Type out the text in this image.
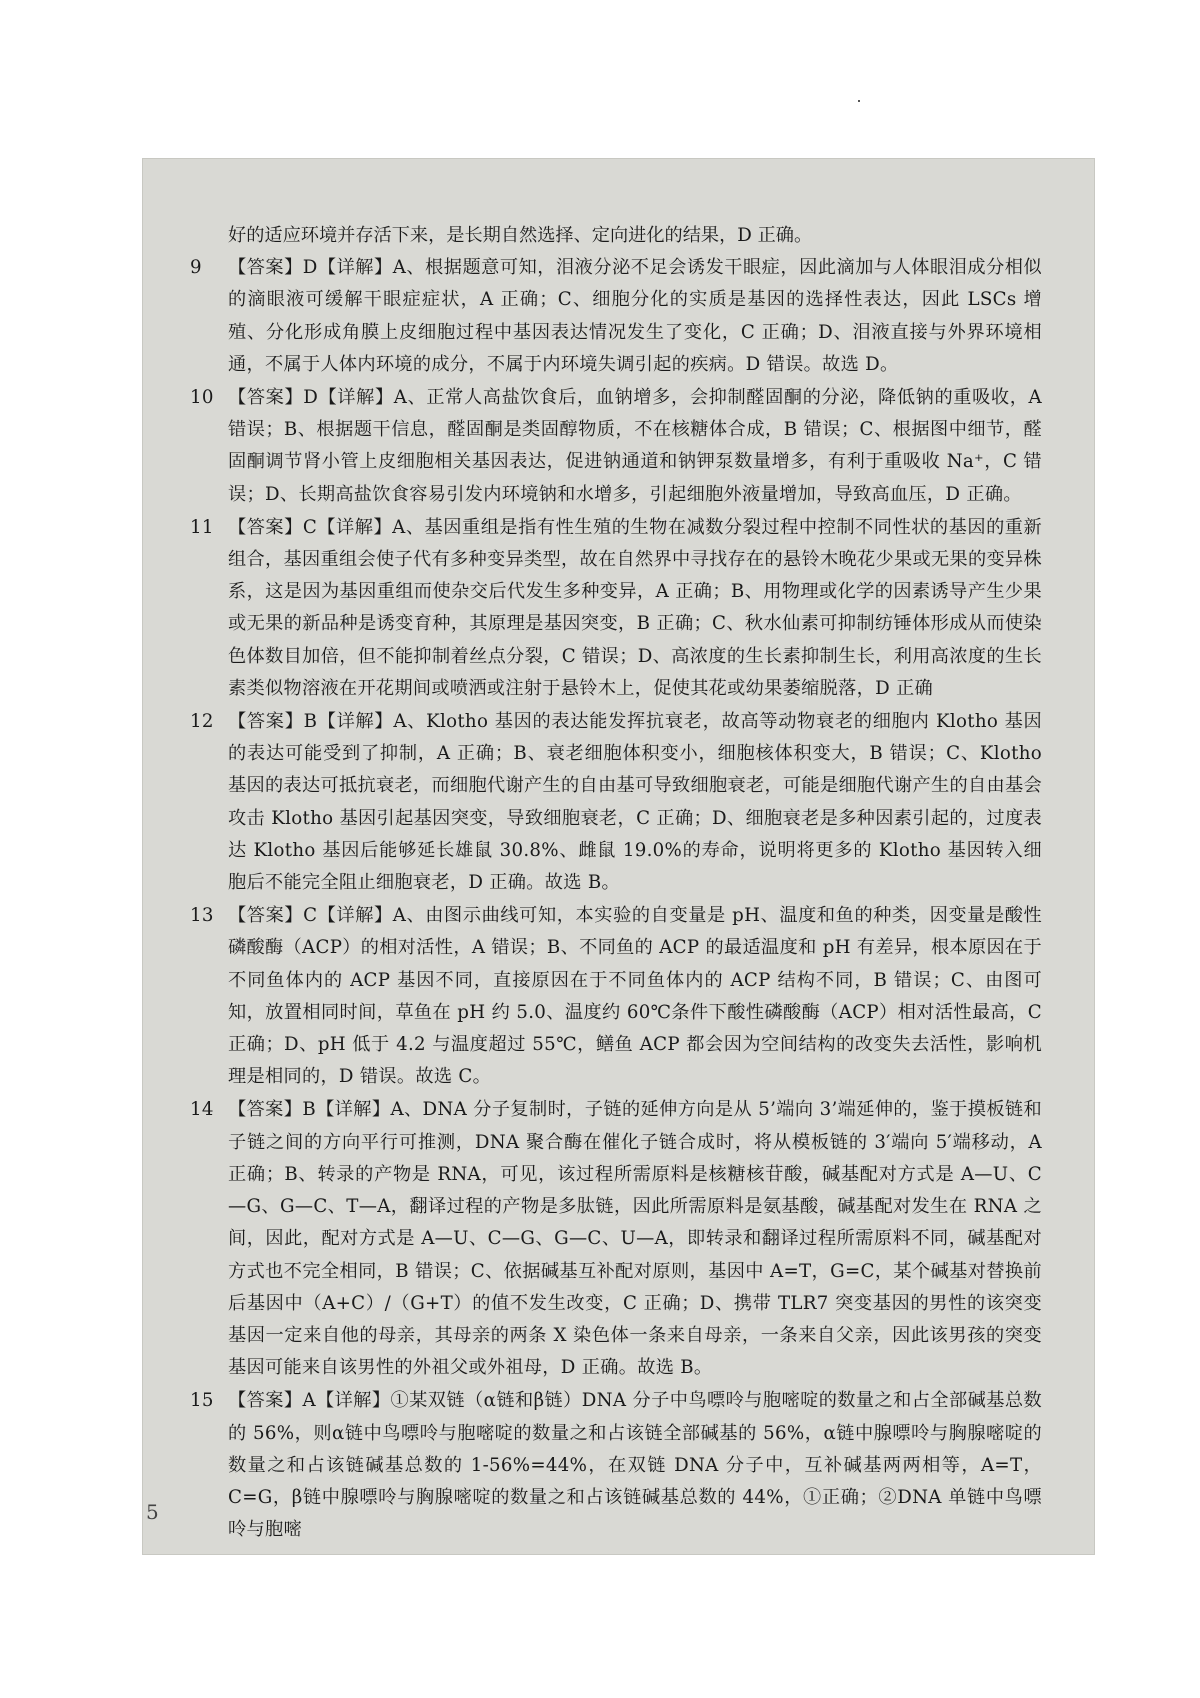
好的适应环境并存活下来，是长期自然选择、定向进化的结果，D 正确。
9	【答案】D【详解】A、根据题意可知，泪液分泌不足会诱发干眼症，因此滴加与人体眼泪成分相似的滴眼液可缓解干眼症症状，A 正确；C、细胞分化的实质是基因的选择性表达，因此 LSCs 增殖、分化形成角膜上皮细胞过程中基因表达情况发生了变化，C 正确；D、泪液直接与外界环境相通，不属于人体内环境的成分，不属于内环境失调引起的疾病。D 错误。故选 D。
10 【答案】D【详解】A、正常人高盐饮食后，血钠增多，会抑制醛固酮的分泌，降低钠的重吸收，A 错误；B、根据题干信息，醛固酮是类固醇物质，不在核糖体合成，B 错误；C、根据图中细节，醛固酮调节肾小管上皮细胞相关基因表达，促进钠通道和钠钾泵数量增多，有利于重吸收 Na⁺，C 错误；D、长期高盐饮食容易引发内环境钠和水增多，引起细胞外液量增加，导致高血压，D 正确。
11 【答案】C【详解】A、基因重组是指有性生殖的生物在减数分裂过程中控制不同性状的基因的重新组合，基因重组会使子代有多种变异类型，故在自然界中寻找存在的悬铃木晚花少果或无果的变异株系，这是因为基因重组而使杂交后代发生多种变异，A 正确；B、用物理或化学的因素诱导产生少果或无果的新品种是诱变育种，其原理是基因突变，B 正确；C、秋水仙素可抑制纺锤体形成从而使染色体数目加倍，但不能抑制着丝点分裂，C 错误；D、高浓度的生长素抑制生长，利用高浓度的生长素类似物溶液在开花期间或喷洒或注射于悬铃木上，促使其花或幼果萎缩脱落，D 正确
12 【答案】B【详解】A、Klotho 基因的表达能发挥抗衰老，故高等动物衰老的细胞内 Klotho 基因的表达可能受到了抑制，A 正确；B、衰老细胞体积变小，细胞核体积变大，B 错误；C、Klotho 基因的表达可抵抗衰老，而细胞代谢产生的自由基可导致细胞衰老，可能是细胞代谢产生的自由基会攻击 Klotho 基因引起基因突变，导致细胞衰老，C 正确；D、细胞衰老是多种因素引起的，过度表达 Klotho 基因后能够延长雄鼠 30.8%、雌鼠 19.0%的寿命，说明将更多的 Klotho 基因转入细胞后不能完全阻止细胞衰老，D 正确。故选 B。
13 【答案】C【详解】A、由图示曲线可知，本实验的自变量是 pH、温度和鱼的种类，因变量是酸性磷酸酶（ACP）的相对活性，A 错误；B、不同鱼的 ACP 的最适温度和 pH 有差异，根本原因在于不同鱼体内的 ACP 基因不同，直接原因在于不同鱼体内的 ACP 结构不同，B 错误；C、由图可知，放置相同时间，草鱼在 pH 约 5.0、温度约 60℃条件下酸性磷酸酶（ACP）相对活性最高，C 正确；D、pH 低于 4.2 与温度超过 55℃，鳝鱼 ACP 都会因为空间结构的改变失去活性，影响机理是相同的，D 错误。故选 C。
14 【答案】B【详解】A、DNA 分子复制时，子链的延伸方向是从 5’端向 3’端延伸的，鉴于摸板链和子链之间的方向平行可推测，DNA 聚合酶在催化子链合成时，将从模板链的 3′端向 5′端移动，A 正确；B、转录的产物是 RNA，可见，该过程所需原料是核糖核苷酸，碱基配对方式是 A—U、C—G、G—C、T—A，翻译过程的产物是多肽链，因此所需原料是氨基酸，碱基配对发生在 RNA 之间，因此，配对方式是 A—U、C—G、G—C、U—A，即转录和翻译过程所需原料不同，碱基配对方式也不完全相同，B 错误；C、依据碱基互补配对原则，基因中 A=T，G=C，某个碱基对替换前后基因中（A+C）/（G+T）的值不发生改变，C 正确；D、携带 TLR7 突变基因的男性的该突变基因一定来自他的母亲，其母亲的两条 X 染色体一条来自母亲，一条来自父亲，因此该男孩的突变基因可能来自该男性的外祖父或外祖母，D 正确。故选 B。
15 【答案】A【详解】①某双链（α链和β链）DNA 分子中鸟嘌呤与胞嘧啶的数量之和占全部碱基总数的 56%，则α链中鸟嘌呤与胞嘧啶的数量之和占该链全部碱基的 56%，α链中腺嘌呤与胸腺嘧啶的数量之和占该链碱基总数的 1-56%=44%，在双链 DNA 分子中，互补碱基两两相等，A=T，C=G，β链中腺嘌呤与胸腺嘧啶的数量之和占该链碱基总数的 44%，①正确；②DNA 单链中鸟嘌呤与胞嘧
5
